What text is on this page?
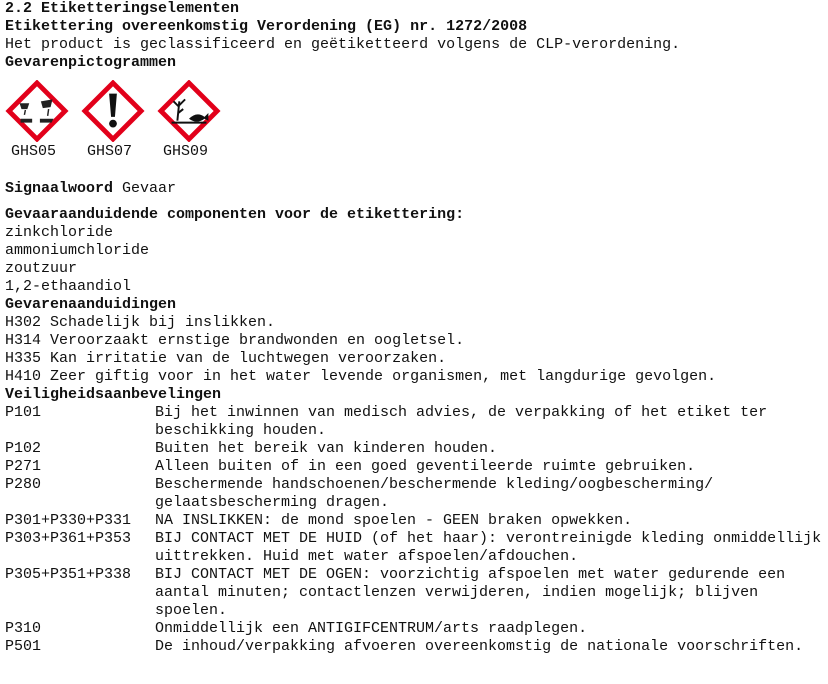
2.2 Etiketteringselementen
Etikettering overeenkomstig Verordening (EG) nr. 1272/2008
Het product is geclassificeerd en geëtiketteerd volgens de CLP-verordening.
Gevarenpictogrammen
GHS05	GHS07	GHS09
Signaalwoord Gevaar
Gevaaraanduidende componenten voor de etikettering:
zinkchloride
ammoniumchloride
zoutzuur
1,2-ethaandiol
Gevarenaanduidingen
H302 Schadelijk bij inslikken.
H314 Veroorzaakt ernstige brandwonden en oogletsel.
H335 Kan irritatie van de luchtwegen veroorzaken.
H410 Zeer giftig voor in het water levende organismen, met langdurige gevolgen.
Veiligheidsaanbevelingen
P101	Bij het inwinnen van medisch advies, de verpakking of het etiket ter beschikking houden.
P102	Buiten het bereik van kinderen houden.
P271	Alleen buiten of in een goed geventileerde ruimte gebruiken.
P280	Beschermende handschoenen/beschermende kleding/oogbescherming/ gelaatsbescherming dragen.
P301+P330+P331	NA INSLIKKEN: de mond spoelen - GEEN braken opwekken.
P303+P361+P353	BIJ CONTACT MET DE HUID (of het haar): verontreinigde kleding onmiddellijk uittrekken. Huid met water afspoelen/afdouchen.
P305+P351+P338	BIJ CONTACT MET DE OGEN: voorzichtig afspoelen met water gedurende een aantal minuten; contactlenzen verwijderen, indien mogelijk; blijven spoelen.
P310	Onmiddellijk een ANTIGIFCENTRUM/arts raadplegen.
P501	De inhoud/verpakking afvoeren overeenkomstig de nationale voorschriften.
